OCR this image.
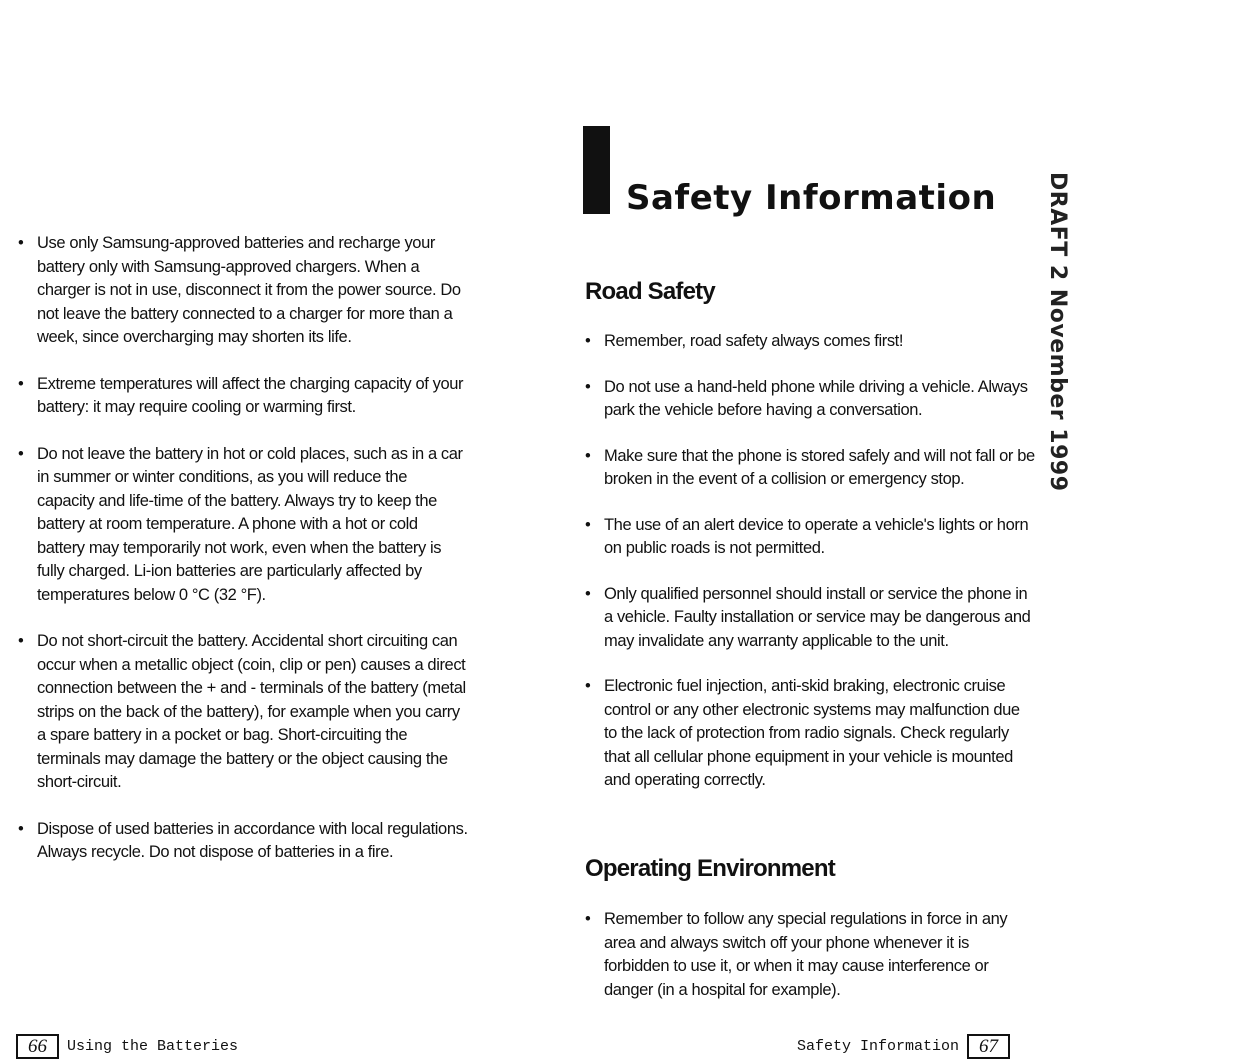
• Use only Samsung-approved batteries and recharge your battery only with Samsung-approved chargers. When a charger is not in use, disconnect it from the power source. Do not leave the battery connected to a charger for more than a week, since overcharging may shorten its life.
• Extreme temperatures will affect the charging capacity of your battery: it may require cooling or warming first.
• Do not leave the battery in hot or cold places, such as in a car in summer or winter conditions, as you will reduce the capacity and life-time of the battery. Always try to keep the battery at room temperature. A phone with a hot or cold battery may temporarily not work, even when the battery is fully charged. Li-ion batteries are particularly affected by temperatures below 0 °C (32 °F).
• Do not short-circuit the battery. Accidental short circuiting can occur when a metallic object (coin, clip or pen) causes a direct connection between the + and - terminals of the battery (metal strips on the back of the battery), for example when you carry a spare battery in a pocket or bag. Short-circuiting the terminals may damage the battery or the object causing the short-circuit.
• Dispose of used batteries in accordance with local regulations. Always recycle. Do not dispose of batteries in a fire.
66	Using the Batteries
Safety Information
Road Safety
• Remember, road safety always comes first!
• Do not use a hand-held phone while driving a vehicle. Always park the vehicle before having a conversation.
• Make sure that the phone is stored safely and will not fall or be broken in the event of a collision or emergency stop.
• The use of an alert device to operate a vehicle's lights or horn on public roads is not permitted.
• Only qualified personnel should install or service the phone in a vehicle. Faulty installation or service may be dangerous and may invalidate any warranty applicable to the unit.
• Electronic fuel injection, anti-skid braking, electronic cruise control or any other electronic systems may malfunction due to the lack of protection from radio signals. Check regularly that all cellular phone equipment in your vehicle is mounted and operating correctly.
Operating Environment
• Remember to follow any special regulations in force in any area and always switch off your phone whenever it is forbidden to use it, or when it may cause interference or danger (in a hospital for example).
DRAFT 2 November 1999
Safety Information	67
